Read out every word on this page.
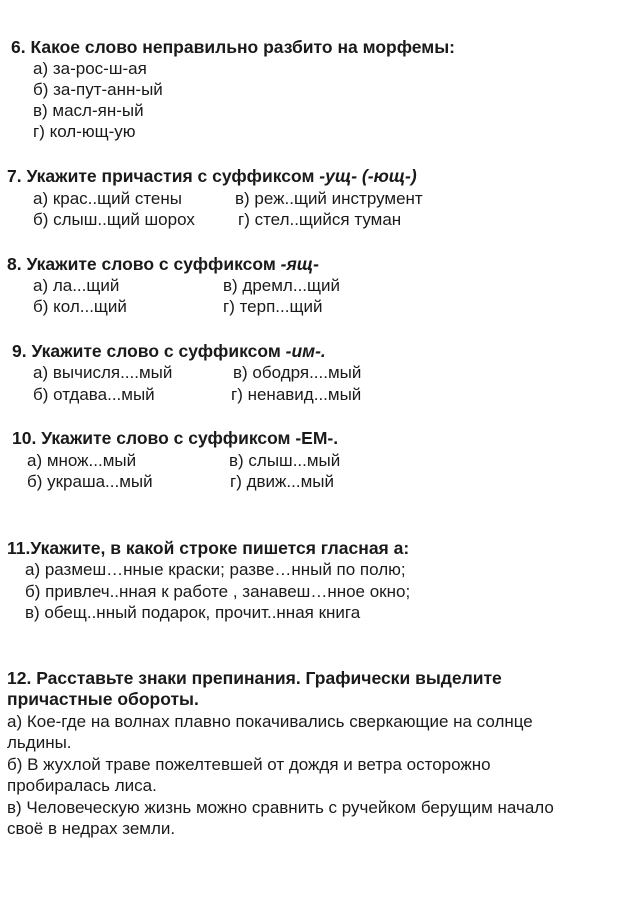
6. Какое слово неправильно разбито на морфемы:
а) за-рос-ш-ая
б) за-пут-анн-ый
в) масл-ян-ый
г) кол-ющ-ую
7. Укажите причастия с суффиксом -ущ- (-ющ-)
а) крас..щий стены	в) реж..щий инструмент
б) слыш..щий шорох	г) стел..щийся туман
8. Укажите слово с суффиксом -ящ-
а) ла...щий	в) дремл...щий
б) кол...щий	г) терп...щий
9. Укажите слово с суффиксом -им-.
а) вычисля....мый	в) ободря....мый
б) отдава...мый	г) ненавид...мый
10. Укажите слово с суффиксом -ЕМ-.
а) множ...мый	в) слыш...мый
б) украша...мый	г) движ...мый
11.Укажите, в какой строке пишется гласная а:
а) размеш…нные краски; разве…нный по полю;
б) привлеч..нная к работе , занавеш…нное окно;
в) обещ..нный подарок, прочит..нная книга
12. Расставьте знаки препинания. Графически выделите
причастные обороты.
а) Кое-где на волнах плавно покачивались сверкающие на солнце
льдины.
б) В жухлой траве пожелтевшей от дождя и ветра осторожно
пробиралась лиса.
в) Человеческую жизнь можно сравнить с ручейком берущим начало
своё в недрах земли.
